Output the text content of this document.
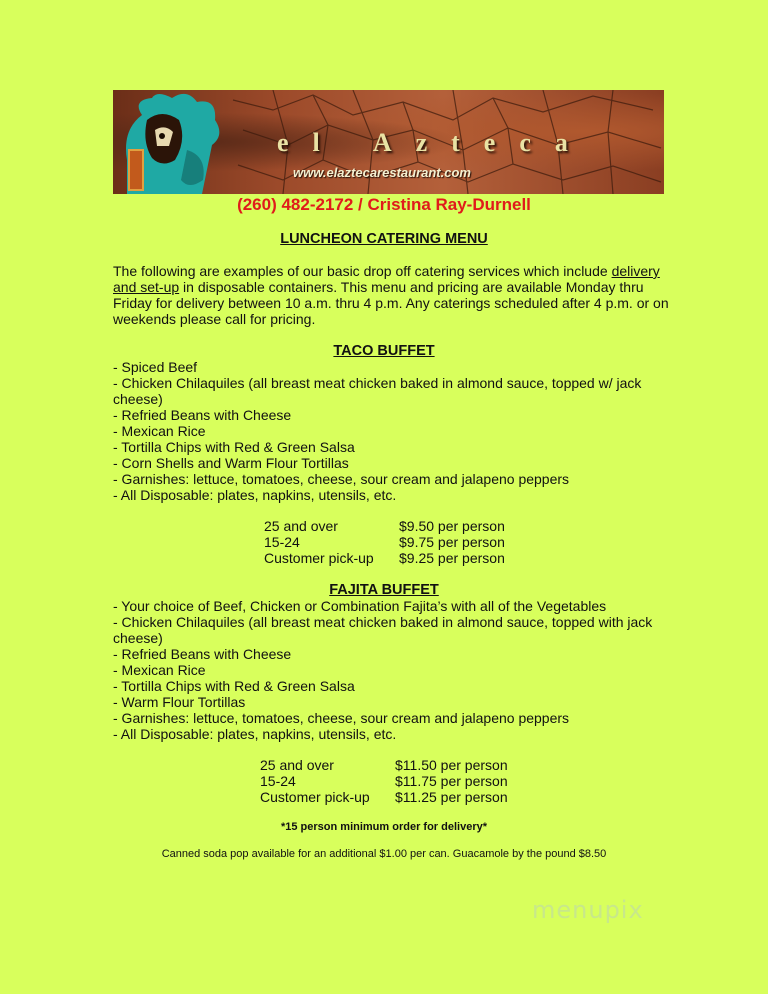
el Azteca
www.elaztecarestaurant.com
(260) 482-2172 / Cristina Ray-Durnell
LUNCHEON CATERING MENU
The following are examples of our basic drop off catering services which include delivery and set-up in disposable containers. This menu and pricing are available Monday thru Friday for delivery between 10 a.m. thru 4 p.m. Any caterings scheduled after 4 p.m. or on weekends please call for pricing.
TACO BUFFET
- Spiced Beef
- Chicken Chilaquiles (all breast meat chicken baked in almond sauce, topped w/ jack cheese)
- Refried Beans with Cheese
- Mexican Rice
- Tortilla Chips with Red & Green Salsa
- Corn Shells and Warm Flour Tortillas
- Garnishes: lettuce, tomatoes, cheese, sour cream and jalapeno peppers
- All Disposable: plates, napkins, utensils, etc.
25 and over	$9.50 per person
15-24	$9.75 per person
Customer pick-up	$9.25 per person
FAJITA BUFFET
- Your choice of Beef, Chicken or Combination Fajita’s with all of the Vegetables
- Chicken Chilaquiles (all breast meat chicken baked in almond sauce, topped with jack cheese)
- Refried Beans with Cheese
- Mexican Rice
- Tortilla Chips with Red & Green Salsa
- Warm Flour Tortillas
- Garnishes: lettuce, tomatoes, cheese, sour cream and jalapeno peppers
- All Disposable: plates, napkins, utensils, etc.
25 and over	$11.50 per person
15-24	$11.75 per person
Customer pick-up	$11.25 per person
*15 person minimum order for delivery*
Canned soda pop available for an additional $1.00 per can. Guacamole by the pound $8.50
menupix
